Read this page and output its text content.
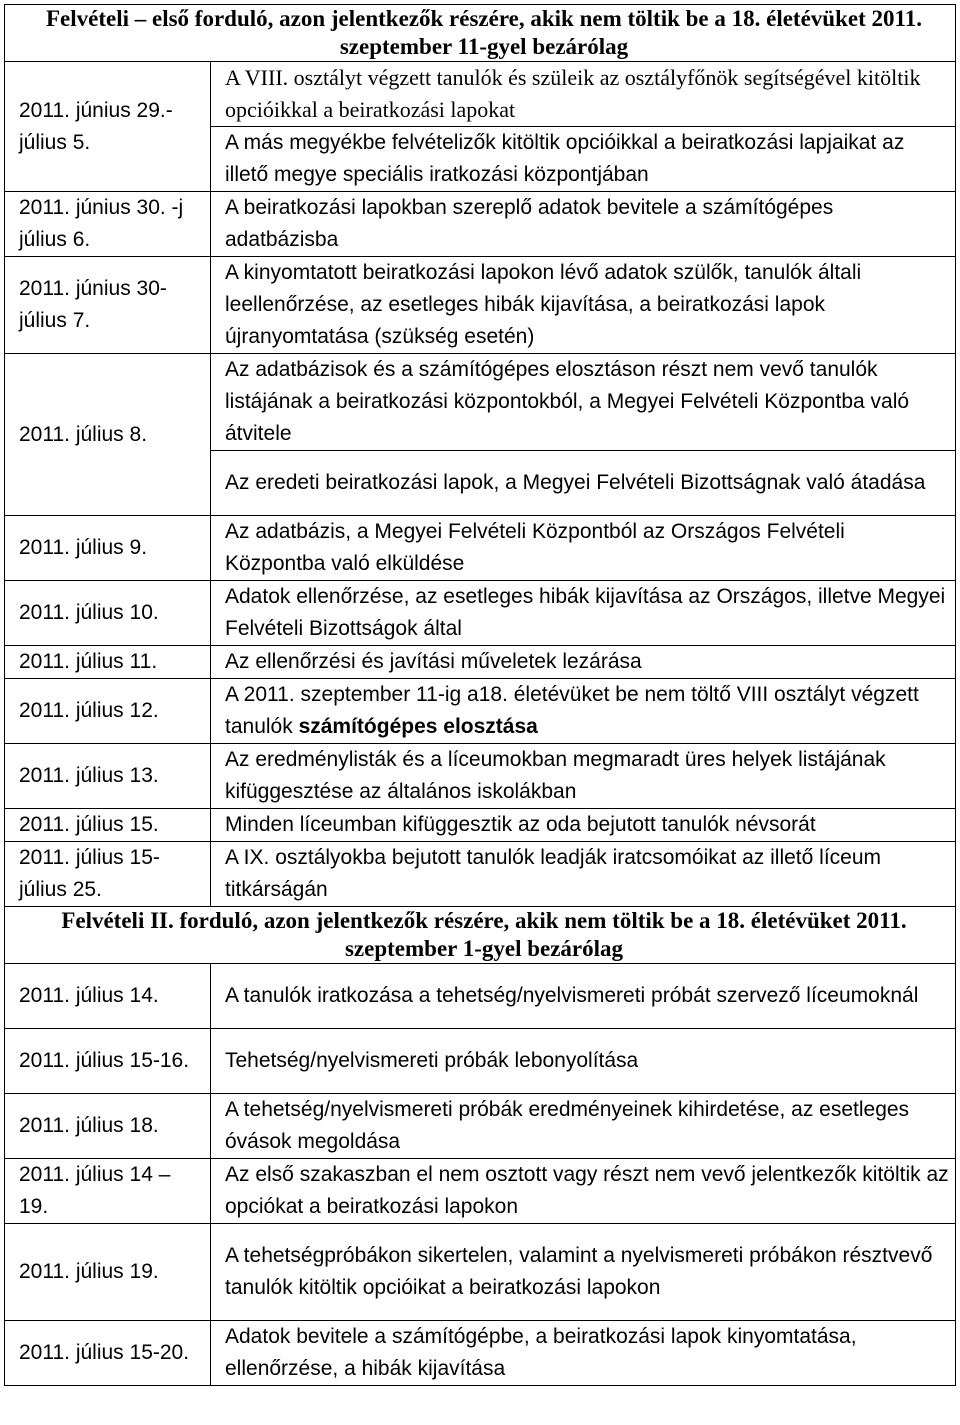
Felvételi – első forduló, azon jelentkezők részére, akik nem töltik be a 18. életévüket 2011. szeptember 11-gyel bezárólag	
2011. június 29.-július 5.	A VIII. osztályt végzett tanulók és szüleik az osztályfőnök segítségével kitöltik opcióikkal a beiratkozási lapokat
	A más megyékbe felvételizők kitöltik opcióikkal a beiratkozási lapjaikat az illető megye speciális iratkozási központjában
2011. június 30. -j július 6.	A beiratkozási lapokban szereplő adatok bevitele a számítógépes adatbázisba
2011. június 30-július 7.	A kinyomtatott beiratkozási lapokon lévő adatok szülők, tanulók általi leellenőrzése, az esetleges hibák kijavítása, a beiratkozási lapok újranyomtatása (szükség esetén)
2011. július 8.	Az adatbázisok és a számítógépes elosztáson részt nem vevő tanulók listájának a beiratkozási központokból, a Megyei Felvételi Központba való átvitele
	Az eredeti beiratkozási lapok, a Megyei Felvételi Bizottságnak való átadása
2011. július 9.	Az adatbázis, a Megyei Felvételi Központból az Országos Felvételi Központba való elküldése
2011. július 10.	Adatok ellenőrzése, az esetleges hibák kijavítása az Országos, illetve Megyei Felvételi Bizottságok által
2011. július 11.	Az ellenőrzési és javítási műveletek lezárása
2011. július 12.	A 2011. szeptember 11-ig a18. életévüket be nem töltő VIII osztályt végzett tanulók számítógépes elosztása
2011. július 13.	Az eredménylisták és a líceumokban megmaradt üres helyek listájának kifüggesztése az általános iskolákban
2011. július 15.	Minden líceumban kifüggesztik az oda bejutott tanulók névsorát
2011. július 15-július 25.	A IX. osztályokba bejutott tanulók leadják iratcsomóikat az illető líceum titkárságán
Felvételi II. forduló, azon jelentkezők részére, akik nem töltik be a 18. életévüket 2011. szeptember 1-gyel bezárólag	
2011. július 14.	A tanulók iratkozása a tehetség/nyelvismereti próbát szervező líceumoknál
2011. július 15-16.	Tehetség/nyelvismereti próbák lebonyolítása
2011. július 18.	A tehetség/nyelvismereti próbák eredményeinek kihirdetése, az esetleges óvások megoldása
2011. július 14 – 19.	Az első szakaszban el nem osztott vagy részt nem vevő jelentkezők kitöltik az opciókat a beiratkozási lapokon
2011. július 19.	A tehetségpróbákon sikertelen, valamint a nyelvismereti próbákon résztvevő tanulók kitöltik opcióikat a beiratkozási lapokon
2011. július 15-20.	Adatok bevitele a számítógépbe, a beiratkozási lapok kinyomtatása, ellenőrzése, a hibák kijavítása
